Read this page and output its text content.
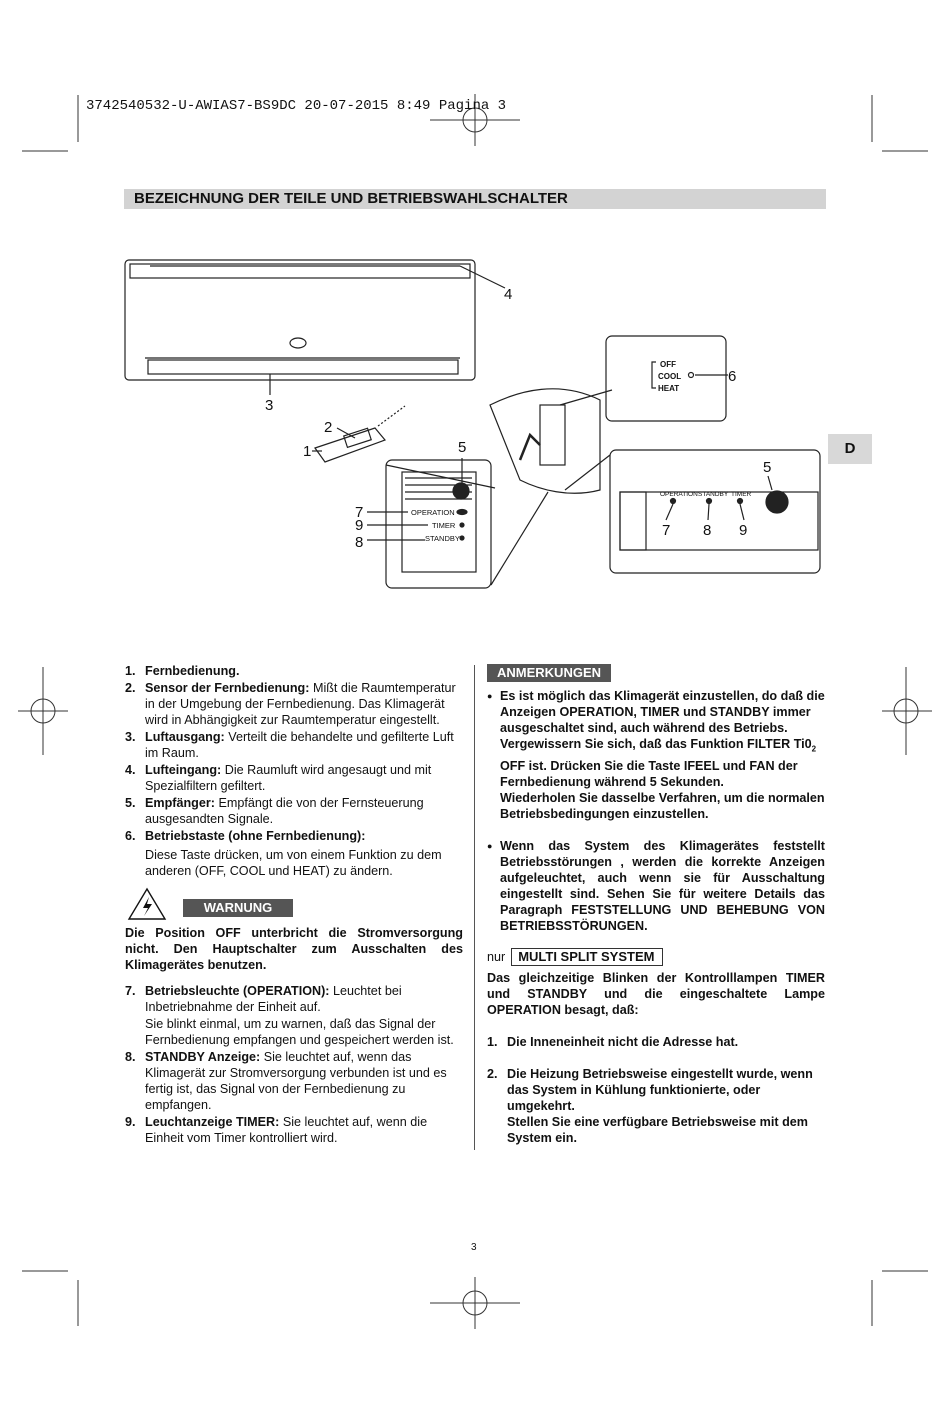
3742540532-U-AWIAS7-BS9DC 20-07-2015 8:49 Pagina 3
BEZEICHNUNG DER TEILE UND BETRIEBSWAHLSCHALTER
D
4
3
2
1	5
6
7
9
8
5
7 8 9
OFF
COOL
HEAT
OPERATION
TIMER
STANDBY
OPERATION STANDBY TIMER
1. Fernbedienung.
2. Sensor der Fernbedienung: Mißt die Raumtemperatur in der Umgebung der Fernbedienung. Das Klimagerät wird in Abhängigkeit zur Raumtemperatur eingestellt.
3. Luftausgang: Verteilt die behandelte und gefilterte Luft im Raum.
4. Lufteingang: Die Raumluft wird angesaugt und mit Spezialfiltern gefiltert.
5. Empfänger: Empfängt die von der Fernsteuerung ausgesandten Signale.
6. Betriebstaste (ohne Fernbedienung):
Diese Taste drücken, um von einem Funktion zu dem anderen (OFF, COOL und HEAT) zu ändern.
WARNUNG

Die Position OFF unterbricht die Stromversorgung nicht. Den Hauptschalter zum Ausschalten des Klimagerätes benutzen.

7. Betriebsleuchte (OPERATION): Leuchtet bei Inbetriebnahme der Einheit auf.
Sie blinkt einmal, um zu warnen, daß das Signal der Fernbedienung empfangen und gespeichert werden ist.
8. STANDBY Anzeige: Sie leuchtet auf, wenn das Klimagerät zur Stromversorgung verbunden ist und es fertig ist, das Signal von der Fernbedienung zu empfangen.
9. Leuchtanzeige TIMER: Sie leuchtet auf, wenn die Einheit vom Timer kontrolliert wird.
ANMERKUNGEN
● Es ist möglich das Klimagerät einzustellen, do daß die Anzeigen OPERATION, TIMER und STANDBY immer ausgeschaltet sind, auch während des Betriebs. Vergewissern Sie sich, daß das Funktion FILTER $Ti0_2$ OFF ist. Drücken Sie die Taste IFEEL und FAN der Fernbedienung während 5 Sekunden.
Wiederholen Sie dasselbe Verfahren, um die normalen Betriebsbedingungen einzustellen.
● Wenn das System des Klimagerätes feststellt Betriebsstörungen , werden die korrekte Anzeigen aufgeleuchtet, auch wenn sie für Ausschaltung eingestellt sind. Sehen Sie für weitere Details das Paragraph FESTSTELLUNG UND BEHEBUNG VON BETRIEBSSTÖRUNGEN.
nur MULTI SPLIT SYSTEM

Das gleichzeitige Blinken der Kontrolllampen TIMER und STANDBY und die eingeschaltete Lampe OPERATION besagt, daß:

1. Die Inneneinheit nicht die Adresse hat.
2. Die Heizung Betriebsweise eingestellt wurde, wenn das System in Kühlung funktionierte, oder umgekehrt.
Stellen Sie eine verfügbare Betriebsweise mit dem System ein.
3
